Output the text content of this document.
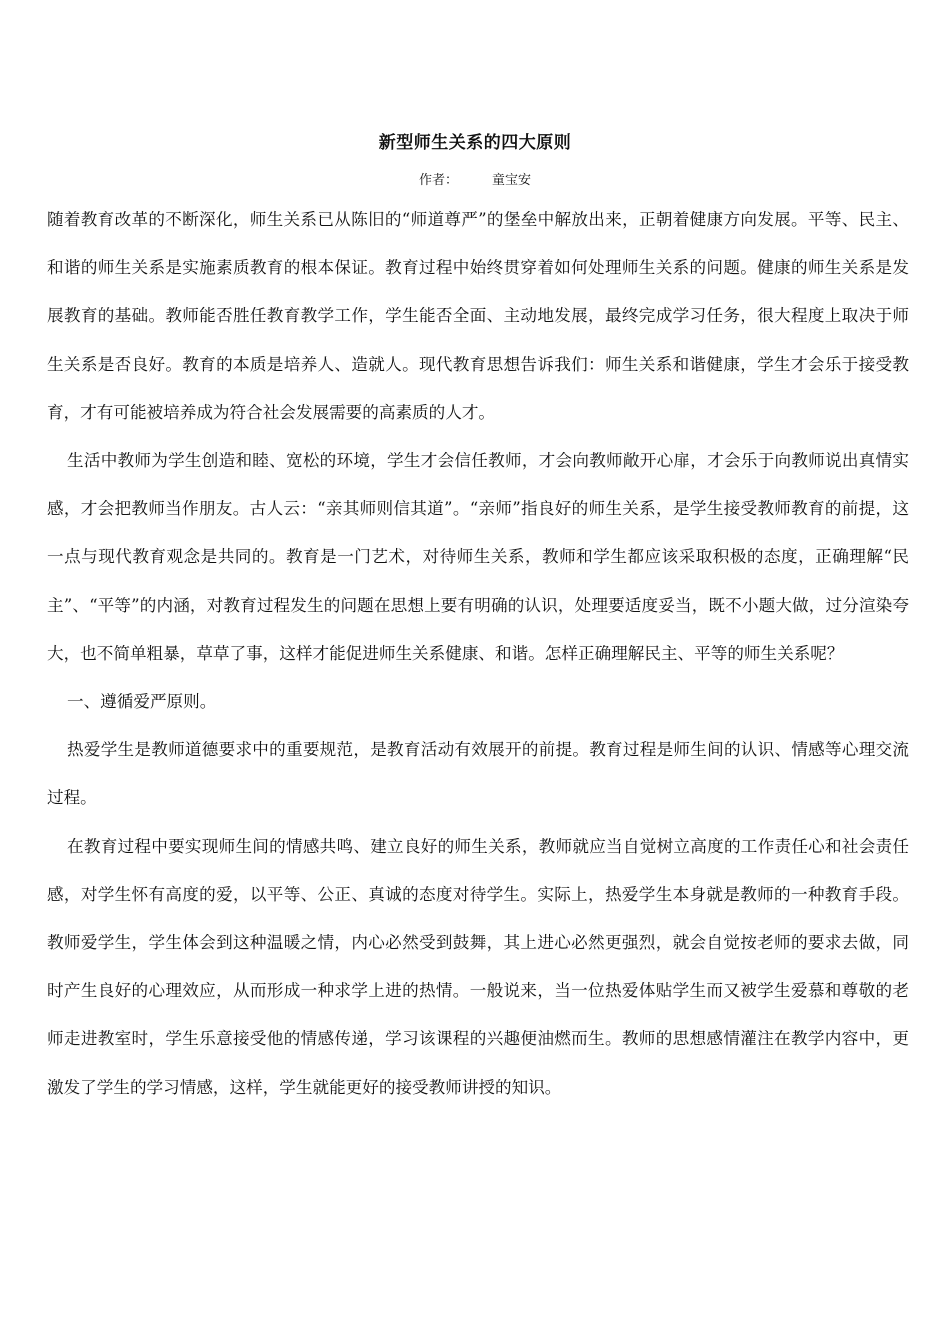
新型师生关系的四大原则
作者：	童宝安

随着教育改革的不断深化，师生关系已从陈旧的“师道尊严”的堡垒中解放出来，正朝着健康方向发展。平等、民主、和谐的师生关系是实施素质教育的根本保证。教育过程中始终贯穿着如何处理师生关系的问题。健康的师生关系是发展教育的基础。教师能否胜任教育教学工作，学生能否全面、主动地发展，最终完成学习任务，很大程度上取决于师生关系是否良好。教育的本质是培养人、造就人。现代教育思想告诉我们：师生关系和谐健康，学生才会乐于接受教育，才有可能被培养成为符合社会发展需要的高素质的人才。

生活中教师为学生创造和睦、宽松的环境，学生才会信任教师，才会向教师敞开心扉，才会乐于向教师说出真情实感，才会把教师当作朋友。古人云：“亲其师则信其道”。“亲师”指良好的师生关系，是学生接受教师教育的前提，这一点与现代教育观念是共同的。教育是一门艺术，对待师生关系，教师和学生都应该采取积极的态度，正确理解“民主”、“平等”的内涵，对教育过程发生的问题在思想上要有明确的认识，处理要适度妥当，既不小题大做，过分渲染夸大，也不简单粗暴，草草了事，这样才能促进师生关系健康、和谐。怎样正确理解民主、平等的师生关系呢？

一、遵循爱严原则。

热爱学生是教师道德要求中的重要规范，是教育活动有效展开的前提。教育过程是师生间的认识、情感等心理交流过程。

在教育过程中要实现师生间的情感共鸣、建立良好的师生关系，教师就应当自觉树立高度的工作责任心和社会责任感，对学生怀有高度的爱，以平等、公正、真诚的态度对待学生。实际上，热爱学生本身就是教师的一种教育手段。教师爱学生，学生体会到这种温暖之情，内心必然受到鼓舞，其上进心必然更强烈，就会自觉按老师的要求去做，同时产生良好的心理效应，从而形成一种求学上进的热情。一般说来，当一位热爱体贴学生而又被学生爱慕和尊敬的老师走进教室时，学生乐意接受他的情感传递，学习该课程的兴趣便油燃而生。教师的思想感情灌注在教学内容中，更激发了学生的学习情感，这样，学生就能更好的接受教师讲授的知识。
